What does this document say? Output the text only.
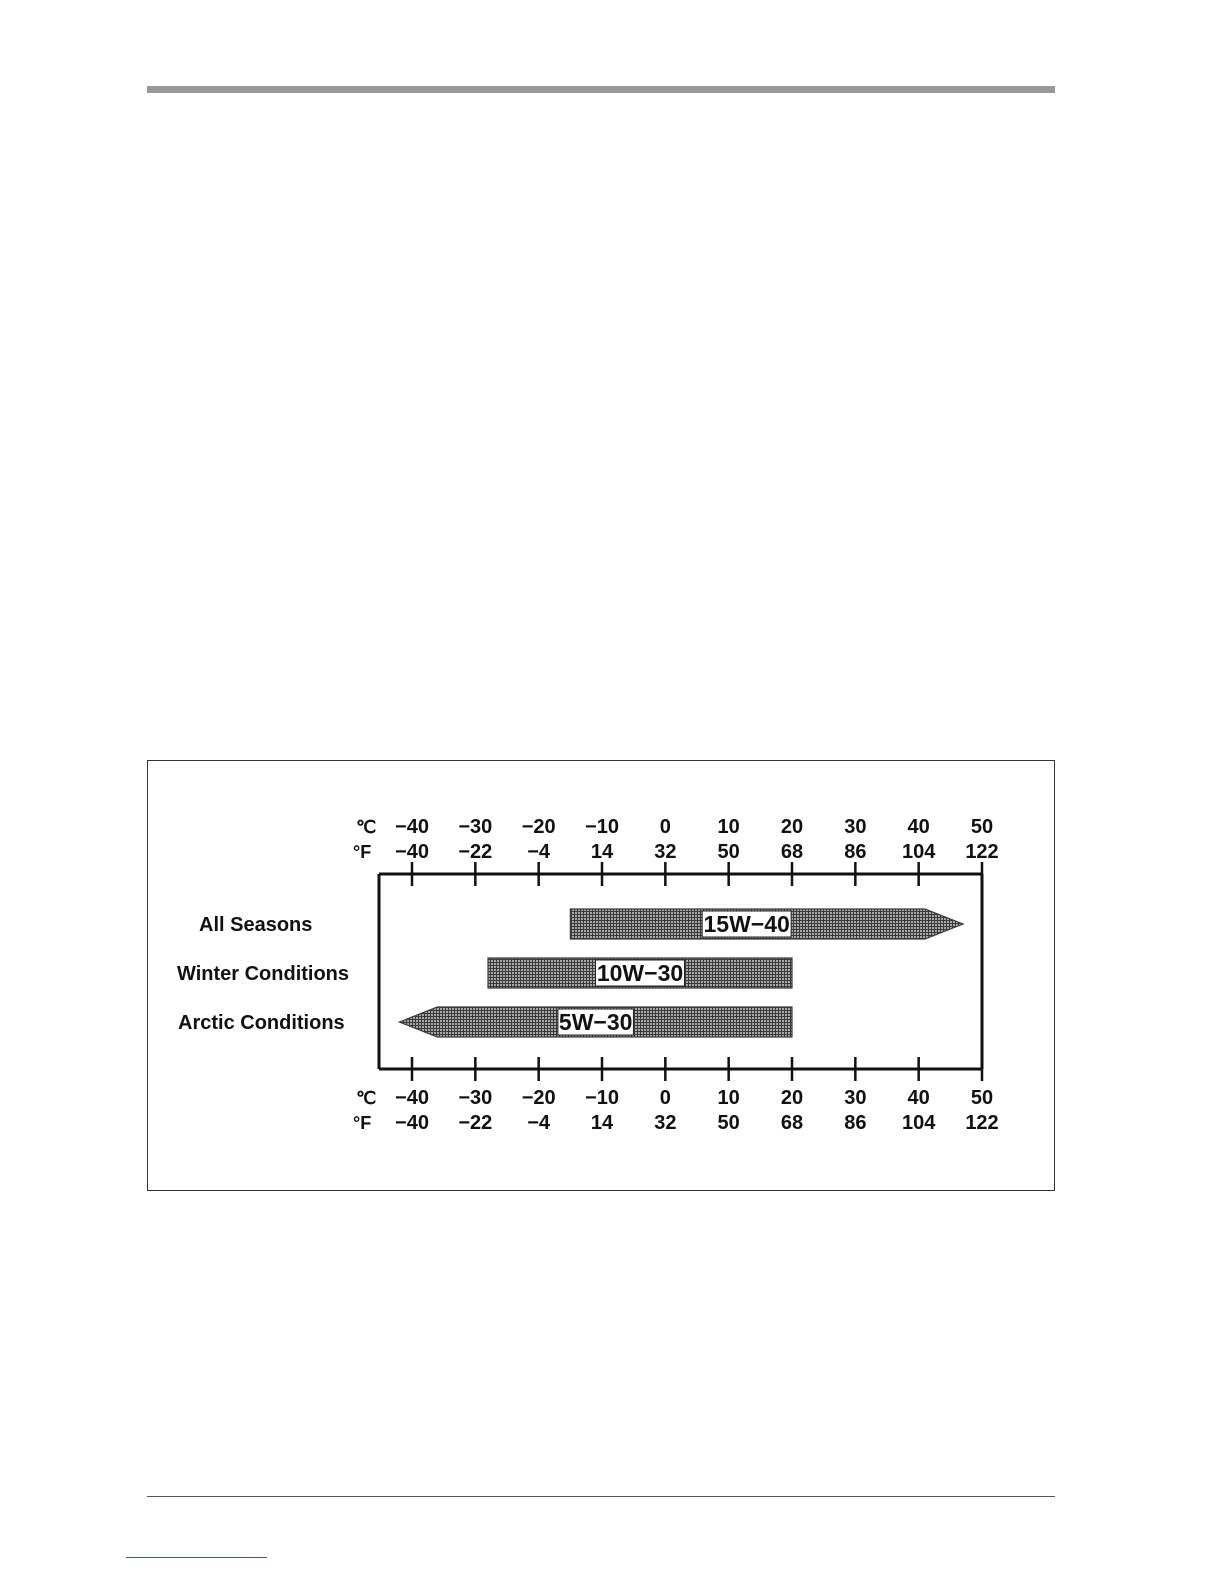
−40
−40
−40
−40
−30
−22
−30
−22
−20
−4
−20
−4
−10
14
−10
14
0
32
0
32
10
50
10
50
20
68
20
68
30
86
30
86
40
104
40
104
50
122
50
122
℃
°F
℃
°F
15W−40
All Seasons
10W−30
Winter Conditions
5W−30
Arctic Conditions
